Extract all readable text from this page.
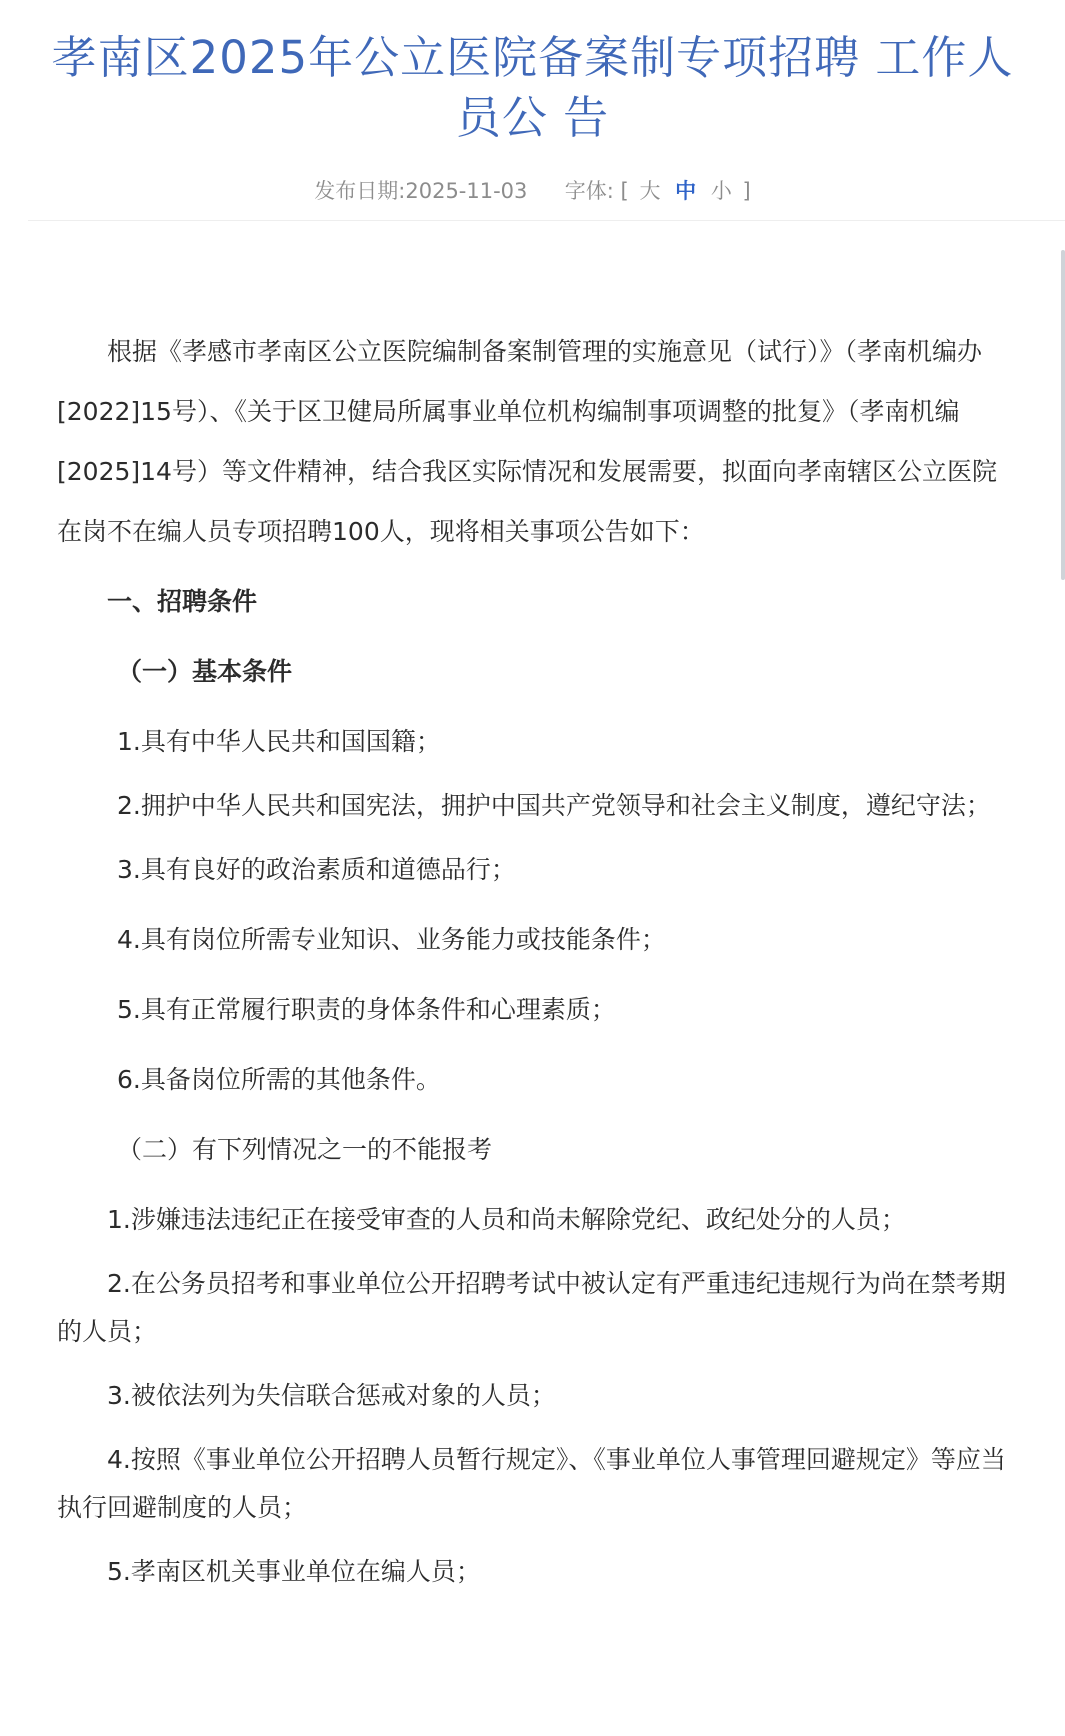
孝南区2025年公立医院备案制专项招聘 工作人员公 告
发布日期:2025-11-03 字体: [ 大 中 小 ]

根据《孝感市孝南区公立医院编制备案制管理的实施意见（试行）》（孝南机编办[2022]15号）、《关于区卫健局所属事业单位机构编制事项调整的批复》（孝南机编[2025]14号）等文件精神，结合我区实际情况和发展需要，拟面向孝南辖区公立医院在岗不在编人员专项招聘100人，现将相关事项公告如下：

一、招聘条件
（一）基本条件

1.具有中华人民共和国国籍；

2.拥护中华人民共和国宪法，拥护中国共产党领导和社会主义制度，遵纪守法；

3.具有良好的政治素质和道德品行；

4.具有岗位所需专业知识、业务能力或技能条件；

5.具有正常履行职责的身体条件和心理素质；

6.具备岗位所需的其他条件。

（二）有下列情况之一的不能报考

1.涉嫌违法违纪正在接受审查的人员和尚未解除党纪、政纪处分的人员；

2.在公务员招考和事业单位公开招聘考试中被认定有严重违纪违规行为尚在禁考期的人员；

3.被依法列为失信联合惩戒对象的人员；

4.按照《事业单位公开招聘人员暂行规定》、《事业单位人事管理回避规定》等应当执行回避制度的人员；

5.孝南区机关事业单位在编人员；
